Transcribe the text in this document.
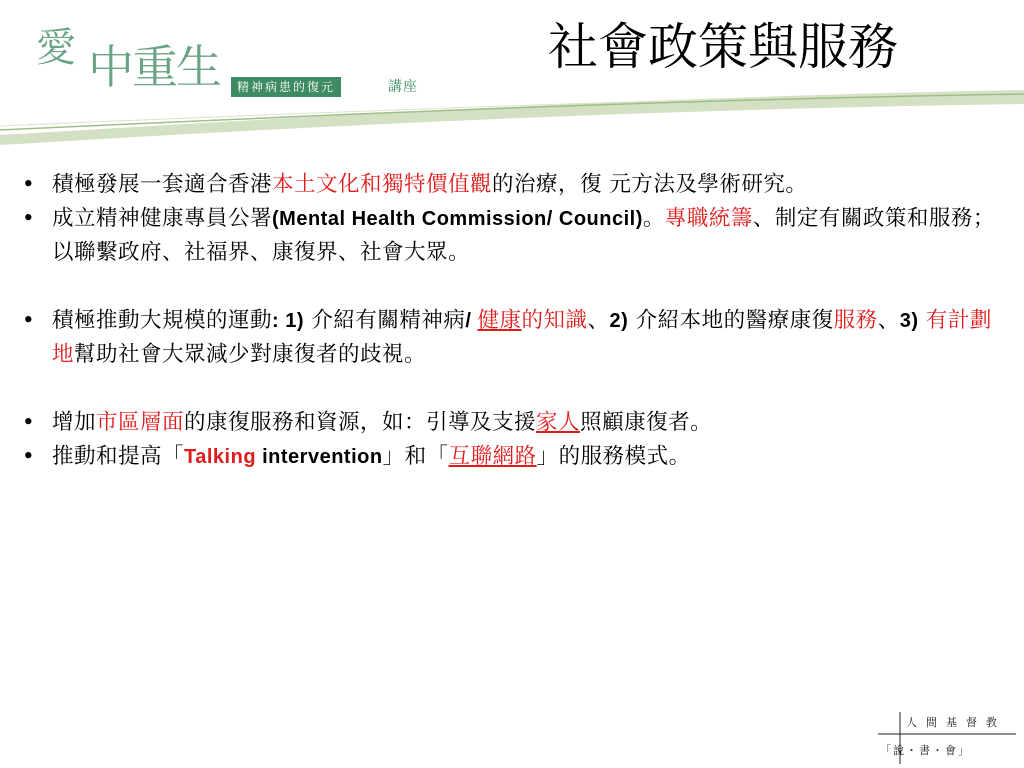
愛 中重生	精神病患的復元	講座
社會政策與服務
• 積極發展一套適合香港本土文化和獨特價值觀的治療，復 元方法及學術研究。
• 成立精神健康專員公署(Mental Health Commission/ Council)。專職統籌、制定有關政策和服務；以聯繫政府、社福界、康復界、社會大眾。
• 積極推動大規模的運動: 1) 介紹有關精神病/ 健康的知識、2) 介紹本地的醫療康復服務、3) 有計劃地幫助社會大眾減少對康復者的歧視。
• 增加市區層面的康復服務和資源，如：引導及支援家人照顧康復者。
• 推動和提高「Talking intervention」和「互聯網路」的服務模式。
人間基督教
「說・書・會」
